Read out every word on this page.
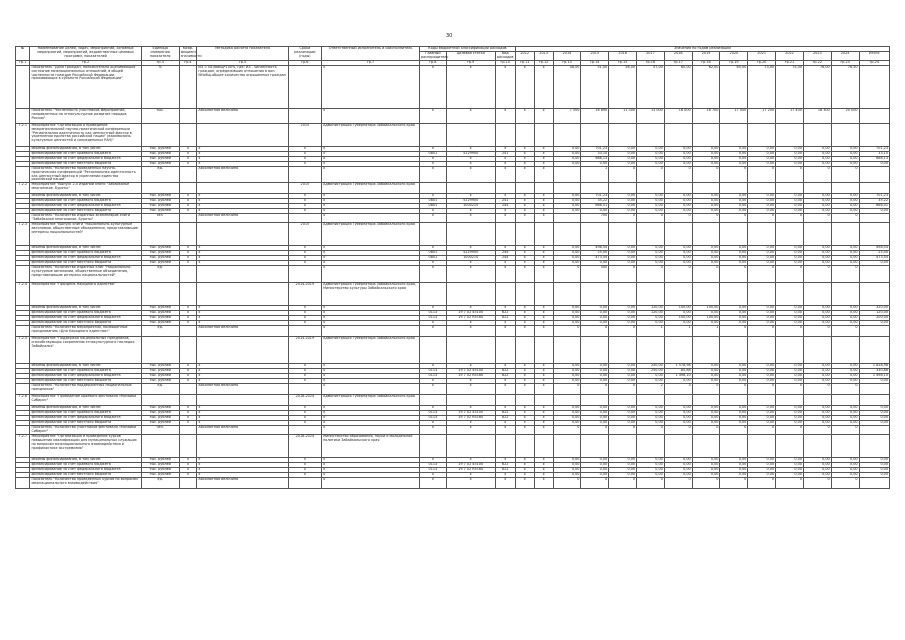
30
№	Наименование целей, задач, мероприятий, основных мероприятий, мероприятий, ведомственных целевых программ, показателей	Единица измерения показателя	Коэф-фициент значимости	Методика расчета показателя	Сроки реализации (годы)	Ответственный исполнитель и соисполнитель	Коды бюджетной классификации расходов			Значения по годам реализации													
							Главный распорядитель	Целевая статья	Вид расходов	2012	2013	2014	2015	2016	2017	2018	2019	2020	2021	2022	2023	2024	Итого
гр.1	гр.2	гр.3	гр.4	гр.5	гр.6	гр.7	гр.8	гр.9	гр.10	гр.11	гр.12	гр.13	гр.14	гр.15	гр.16	гр.17	гр.18	гр.19	гр.20	гр.21	гр.22	гр.23	гр.24
	Показатель "Доля граждан, положительно оценивающих состояние межнациональных отношений, в общей численности граждан Российской Федерации, проживающих в субъекте Российской Федерации"	%		ИЗ = N1/Nобщ*100%, где: ИЗ - численность граждан, определивших отношения в воп. NНобщ-общее количество опрошенных граждан		x	x	x	x	x	x	48,00	51,00	56,00	57,00	60,00	62,00	65,00	73,00	75,00	76,00	76,50	
	Показатель "Численность участников мероприятий, направленных на этнокультурное развитие народов России"	тыс.		Абсолютная величина		x	x	x	x	x	x	7 500	16 890	11 300	13 000	16 000	16 700	17 000	17 200	17 400	18 300	20 000	
7.2.1	Мероприятие "Организация и проведение межрегиональной научно-практической конференции "Региональная идентичность как ценностный фактор в укреплении единства российской нации" (взаимосвязь культурных ценностей и сопредельных РАН)"				2015	Администрация Губернатора Забайкальского края																	
	объемы финансирования, в том числе:	тыс. рублей	x	x	x	x	x	x	x	x	x	0,00	701,23	0,00	0,00	0,00	0,00	0,00	0,00	0,00	0,00	0,00	701,23
	финансирование за счет краевого бюджета	тыс. рублей	x	x	x	x	0801	5229900	241	x	x	0,00	33,10	0,00	0,00	0,00	0,00	0,00	0,00	0,00	0,00	0,00	33,10
	финансирование за счет федерального бюджета	тыс. рублей	x	x	x	x	x	x	x	x	x	0,00	668,13	0,00	0,00	0,00	0,00	0,00	0,00	0,00	0,00	0,00	668,13
	финансирование за счет местного бюджета	тыс. рублей	x	x	x	x	x	x	x	x	x	0,00	0,00	0,00	0,00	0,00	0,00	0,00	0,00	0,00	0,00	0,00	0,00
	Показатель "Количество проведенных научно-практических конференций "Региональная идентичность как ценностный фактор в укреплении единства российской нации"	ед.		Абсолютная величина		x	x	x	x	x	x		1	0	0	0	0	0	0	0	0	0	
7.2.2	Мероприятие "Выпуск 2-х изданий книги "Забайкалье многоликое. Буряты"				2015	Администрация Губернатора Забайкальского края																	
	объемы финансирования, в том числе:	тыс. рублей	x	x	x	x	x	x	x	x	x	0,00	701,23	0,00	0,00	0,00	0,00	0,00	0,00	0,00	0,00	0,00	701,23
	финансирование за счет краевого бюджета	тыс. рублей	x	x	x	x	0801	5229900	241	x	x	0,00	35,22	0,00	0,00	0,00	0,00	0,00	0,00	0,00	0,00	0,00	35,22
	финансирование за счет федерального бюджета	тыс. рублей	x	x	x	x	0801	1000210	244	x	x	0,00	666,01	0,00	0,00	0,00	0,00	0,00	0,00	0,00	0,00	0,00	666,01
	финансирование за счет местного бюджета	тыс. рублей	x	x	x	x	x	x	x	x	x	0,00	0,00	0,00	0,00	0,00	0,00	0,00	0,00	0,00	0,00	0,00	0,00
	Показатель "Количество изданных экземпляров книги "Забайкалье многоликое. Буряты"	экз.		Абсолютная величина		x	x	x	x	x	x		700	0	0	0	0	0	0	0	0	0	
7.2.3	Мероприятие "Выпуск книги "Национально-культурные автономии, общественные объединения, представляющие интересы национальностей"				2015	Администрация Губернатора Забайкальского края																	
	объемы финансирования, в том числе:	тыс. рублей	x	x	x	x	x	x	x	x	x	0,00	498,54	0,00	0,00	0,00	0,00	0,00	0,00	0,00	0,00	0,00	498,54
	финансирование за счет краевого бюджета	тыс. рублей	x	x	x	x	0801	5229900	244	x	x	0,00	25,00	0,00	0,00	0,00	0,00	0,00	0,00	0,00	0,00	0,00	25,00
	финансирование за счет федерального бюджета	тыс. рублей	x	x	x	x	0801	1000210	244	x	x	0,00	473,54	0,00	0,00	0,00	0,00	0,00	0,00	0,00	0,00	0,00	473,54
	финансирование за счет местного бюджета	тыс. рублей	x	x	x	x	x	x	x	x	x	0,00	0,00	0,00	0,00	0,00	0,00	0,00	0,00	0,00	0,00	0,00	0,00
	Показатель "Количество изданных книг "Национально-культурные автономии, общественные объединения, представляющие интересы национальностей"	ед.				x	x	x	x	x	x	0	500	0	0	0	0	0	0	0	0	0	
7.2.4	Мероприятие "Праздник Народного единства"				2014-2019	Администрация Губернатора Забайкальского края, Министерство культуры Забайкальского края																	
	объемы финансирования, в том числе:	тыс. рублей	x	x	x	x	x	x	x	x	x	0,00	0,00	0,00	120,00	100,00	100,00	0,00	0,00	0,00	0,00	0,00	320,00
	финансирование за счет краевого бюджета	тыс. рублей	x	x	x	x	0113	19 7 02 45100	622	x	x	0,00	0,00	0,00	120,00	0,00	0,00	0,00	0,00	0,00	0,00	0,00	120,00
	финансирование за счет федерального бюджета	тыс. рублей	x	x	x	x	0113	19 7 02 R5160	622	x	x	0,00	0,00	0,00	0,00	100,00	100,00	0,00	0,00	0,00	0,00	0,00	200,00
	финансирование за счет местного бюджета	тыс. рублей	x	x	x	x	x	x	x	x	x	0,00	0,00	0,00	0,00	0,00	0,00	0,00	0,00	0,00	0,00	0,00	0,00
	Показатель "Количество мероприятий, посвященных празднованию «Дня Народного единства»"	ед.		Абсолютная величина		x	x	x	x	x	x	0	0	0	1	1	1	0	0	0	0	0	
7.2.5	Мероприятие "Поддержка национальных праздников, способствующих сохранению этнокультурного наследия Забайкалья"				2014-2019	Администрация Губернатора Забайкальского края																	
	объемы финансирования, в том числе:	тыс. рублей	x	x	x	x	x	x	x	x	x	0,00	0,00	0,00	250,00	1 578,98	0,00	0,00	0,00	0,00	0,00	0,00	1 828,98
	финансирование за счет краевого бюджета	тыс. рублей	x	x	x	x	0113	19 7 02 45100	622	x	x	0,00	0,00	0,00	250,00	80,88	0,00	0,00	0,00	0,00	0,00	0,00	330,88
	финансирование за счет федерального бюджета	тыс. рублей	x	x	x	x	0113	19 7 02 R5160	622	x	x	0,00	0,00	0,00	0,00	1 498,10	0,00	0,00	0,00	0,00	0,00	0,00	1 498,10
	финансирование за счет местного бюджета	тыс. рублей	x	x	x	x	x	x	x	x	x	0,00	0,00	0,00	0,00	0,00	0,00	0,00	0,00	0,00	0,00	0,00	0,00
	Показатель "Количество поддержанных национальных праздников"	ед.		Абсолютная величина		x	x	x	x	x	x	0	0	0	2	3	0	0	0	0	0	0	
7.2.6	Мероприятие "Проведение краевого фестиваля «Мозаика Сибири»"				2018-2024	Администрация Губернатора Забайкальского края																	
	объемы финансирования, в том числе:	тыс. рублей	x	x	x	x	x	x	x	x	x	0,00	0,00	0,00	0,00	0,00	0,00	0,00	0,00	0,00	0,00	0,00	0,00
	финансирование за счет краевого бюджета	тыс. рублей	x	x	x	x	0113	19 7 02 45100	622	x	x	0,00	0,00	0,00	0,00	0,00	0,00	0,00	0,00	0,00	0,00	0,00	0,00
	финансирование за счет федерального бюджета	тыс. рублей	x	x	x	x	0113	19 7 02 R5160	622	x	x	0,00	0,00	0,00	0,00	0,00	0,00	0,00	0,00	0,00	0,00	0,00	0,00
	финансирование за счет местного бюджета	тыс. рублей	x	x	x	x	x	x	x	x	x	0,00	0,00	0,00	0,00	0,00	0,00	0,00	0,00	0,00	0,00	0,00	0,00
	Показатель "Количество участников фестиваля «Мозаика Сибири»"	чел.		Абсолютная величина		x	x	x	x	x	x	0	0	0	0	0	0	0	0	0	0	0	
7.2.7	Мероприятие "Организация и проведение курсов повышения квалификации для муниципальных служащих по вопросам межнационального взаимодействия и профилактике экстремизма"				2018-2024	Министерство образования, науки и молодежной политики Забайкальского края																	
	объемы финансирования, в том числе:	тыс. рублей	x	x	x	x	x	x	x	x	x	0,00	0,00	0,00	0,00	0,00	0,00	0,00	0,00	0,00	0,00	0,00	0,00
	финансирование за счет краевого бюджета	тыс. рублей	x	x	x	x	0113	19 7 02 45100	622	x	x	0,00	0,00	0,00	0,00	0,00	0,00	0,00	0,00	0,00	0,00	0,00	0,00
	финансирование за счет федерального бюджета	тыс. рублей	x	x	x	x	0113	19 7 02 R5160	622	x	x	0,00	0,00	0,00	0,00	0,00	0,00	0,00	0,00	0,00	0,00	0,00	0,00
	финансирование за счет местного бюджета	тыс. рублей	x	x	x	x	x	x	x	x	x	0,00	0,00	0,00	0,00	0,00	0,00	0,00	0,00	0,00	0,00	0,00	0,00
	Показатель "Количество проведенных курсов по вопросам межнационального взаимодействия"	ед.		Абсолютная величина		x	x	x	x	x	x	0	0	0	0	0	0	0	0	0	0	0	
